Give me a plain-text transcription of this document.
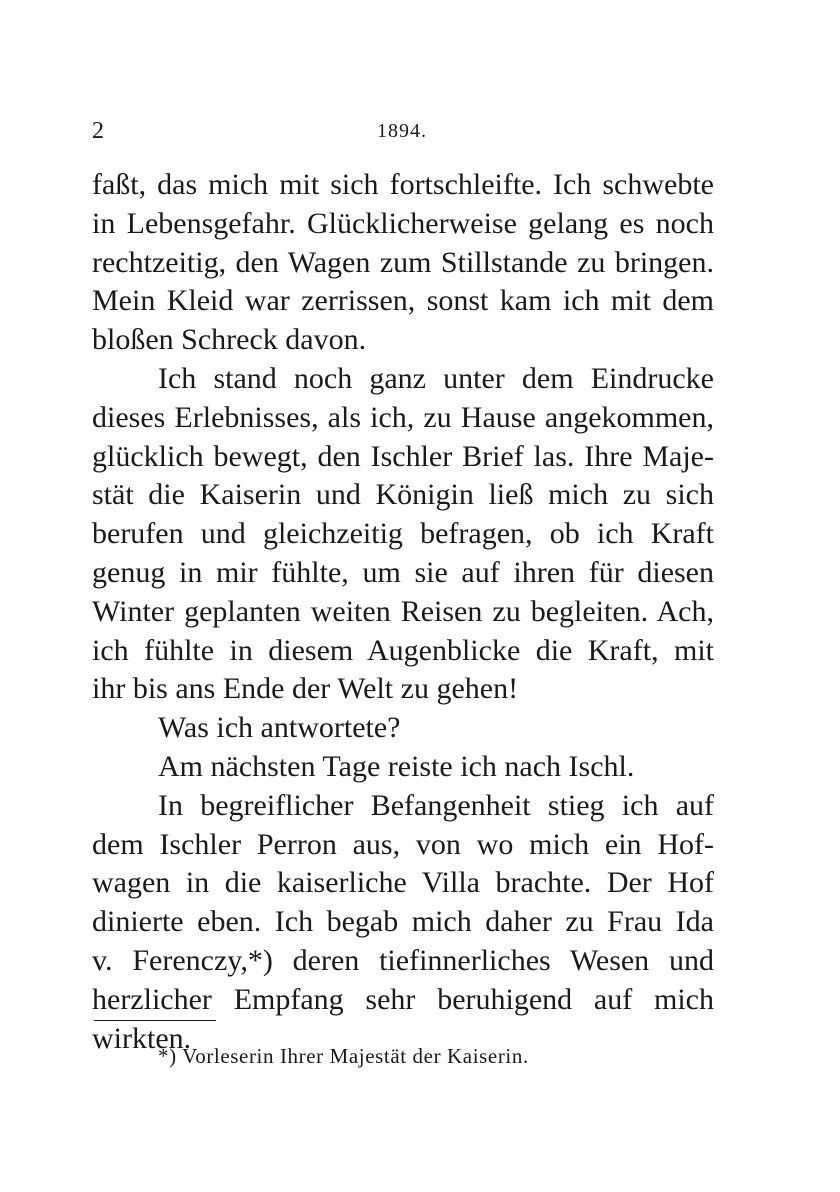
2	1894.
faßt, das mich mit sich fortschleifte. Ich schwebte
in Lebensgefahr. Glücklicherweise gelang es noch
rechtzeitig, den Wagen zum Stillstande zu bringen.
Mein Kleid war zerrissen, sonst kam ich mit dem
bloßen Schreck davon.
Ich stand noch ganz unter dem Eindrucke
dieses Erlebnisses, als ich, zu Hause angekommen,
glücklich bewegt, den Ischler Brief las. Ihre Maje-
stät die Kaiserin und Königin ließ mich zu sich
berufen und gleichzeitig befragen, ob ich Kraft
genug in mir fühlte, um sie auf ihren für diesen
Winter geplanten weiten Reisen zu begleiten. Ach,
ich fühlte in diesem Augenblicke die Kraft, mit
ihr bis ans Ende der Welt zu gehen!
Was ich antwortete?
Am nächsten Tage reiste ich nach Ischl.
In begreiflicher Befangenheit stieg ich auf
dem Ischler Perron aus, von wo mich ein Hof-
wagen in die kaiserliche Villa brachte. Der Hof
dinierte eben. Ich begab mich daher zu Frau Ida
v. Ferenczy,*) deren tiefinnerliches Wesen und
herzlicher Empfang sehr beruhigend auf mich
wirkten.
*) Vorleserin Ihrer Majestät der Kaiserin.
